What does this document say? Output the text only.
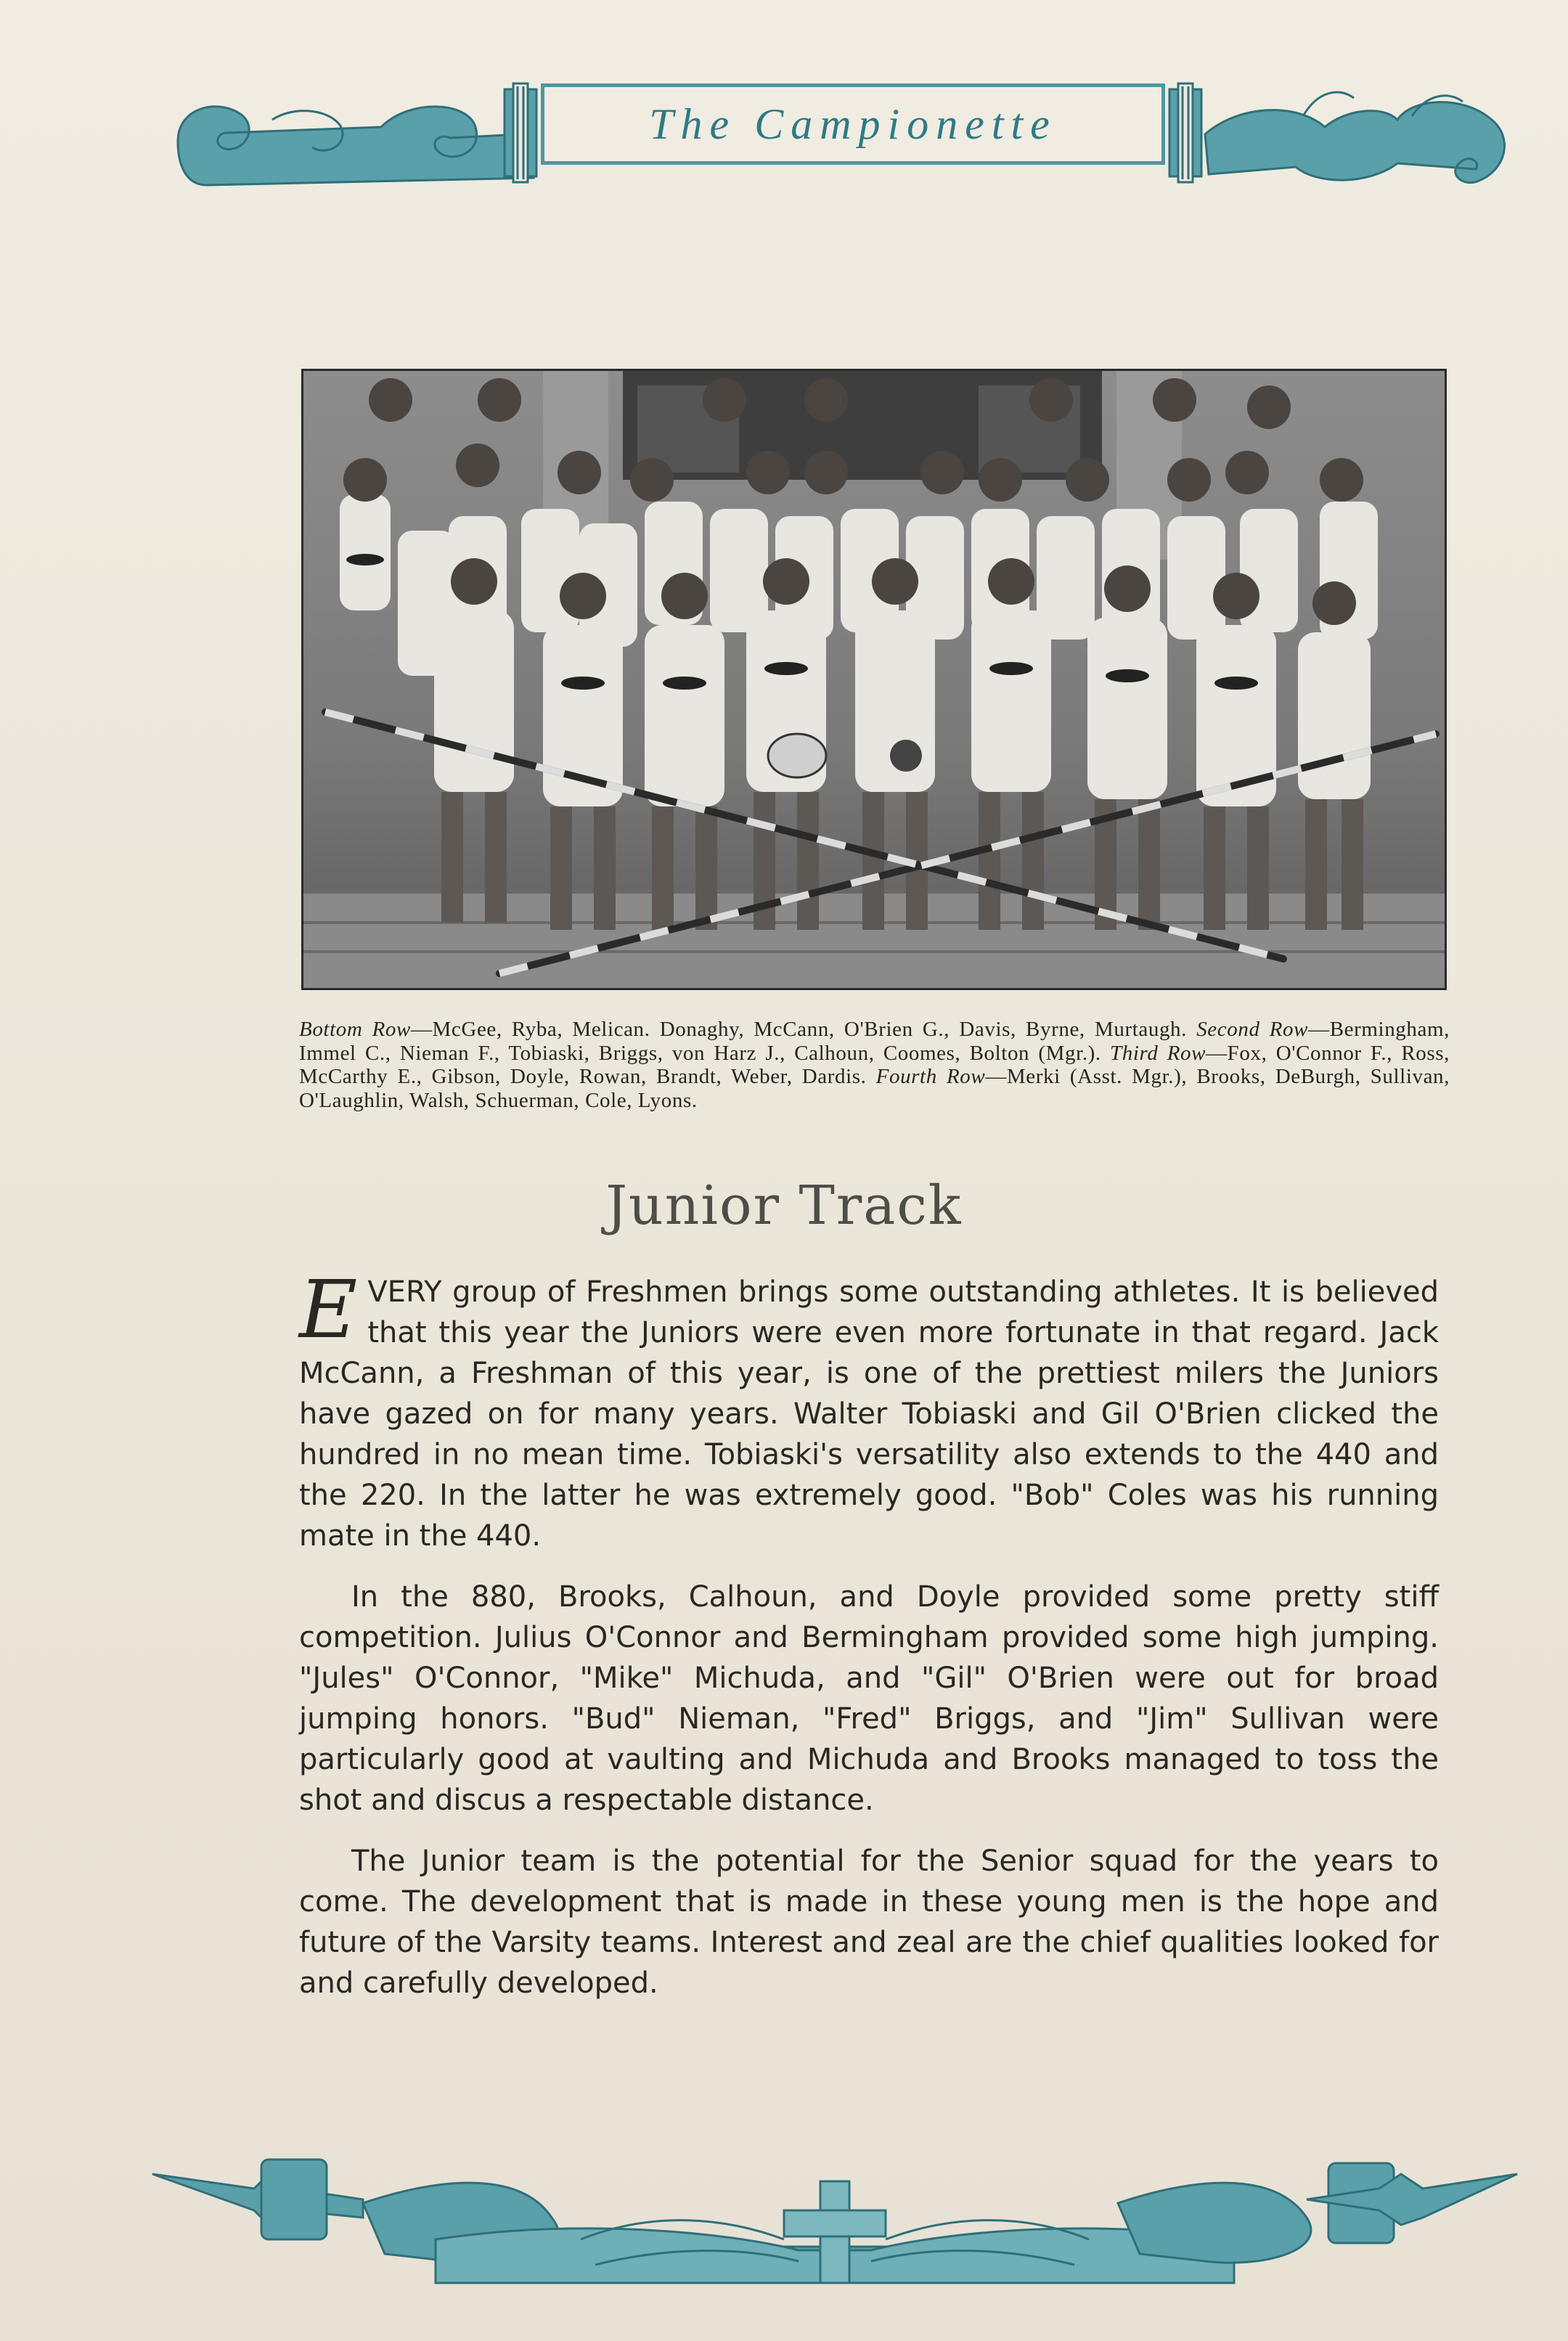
The Campionette
Bottom Row—McGee, Ryba, Melican. Donaghy, McCann, O'Brien G., Davis, Byrne, Murtaugh. Second Row—Bermingham, Immel C., Nieman F., Tobiaski, Briggs, von Harz J., Calhoun, Coomes, Bolton (Mgr.). Third Row—Fox, O'Connor F., Ross, McCarthy E., Gibson, Doyle, Rowan, Brandt, Weber, Dardis. Fourth Row—Merki (Asst. Mgr.), Brooks, DeBurgh, Sullivan, O'Laughlin, Walsh, Schuerman, Cole, Lyons.
Junior Track

EVERY group of Freshmen brings some outstanding athletes. It is believed that this year the Juniors were even more fortunate in that regard. Jack McCann, a Freshman of this year, is one of the prettiest milers the Juniors have gazed on for many years. Walter Tobiaski and Gil O'Brien clicked the hundred in no mean time. Tobiaski's versatility also extends to the 440 and the 220. In the latter he was extremely good. "Bob" Coles was his running mate in the 440.

In the 880, Brooks, Calhoun, and Doyle provided some pretty stiff competition. Julius O'Connor and Bermingham provided some high jumping. "Jules" O'Connor, "Mike" Michuda, and "Gil" O'Brien were out for broad jumping honors. "Bud" Nieman, "Fred" Briggs, and "Jim" Sullivan were particularly good at vaulting and Michuda and Brooks managed to toss the shot and discus a respectable distance.

The Junior team is the potential for the Senior squad for the years to come. The development that is made in these young men is the hope and future of the Varsity teams. Interest and zeal are the chief qualities looked for and carefully developed.
